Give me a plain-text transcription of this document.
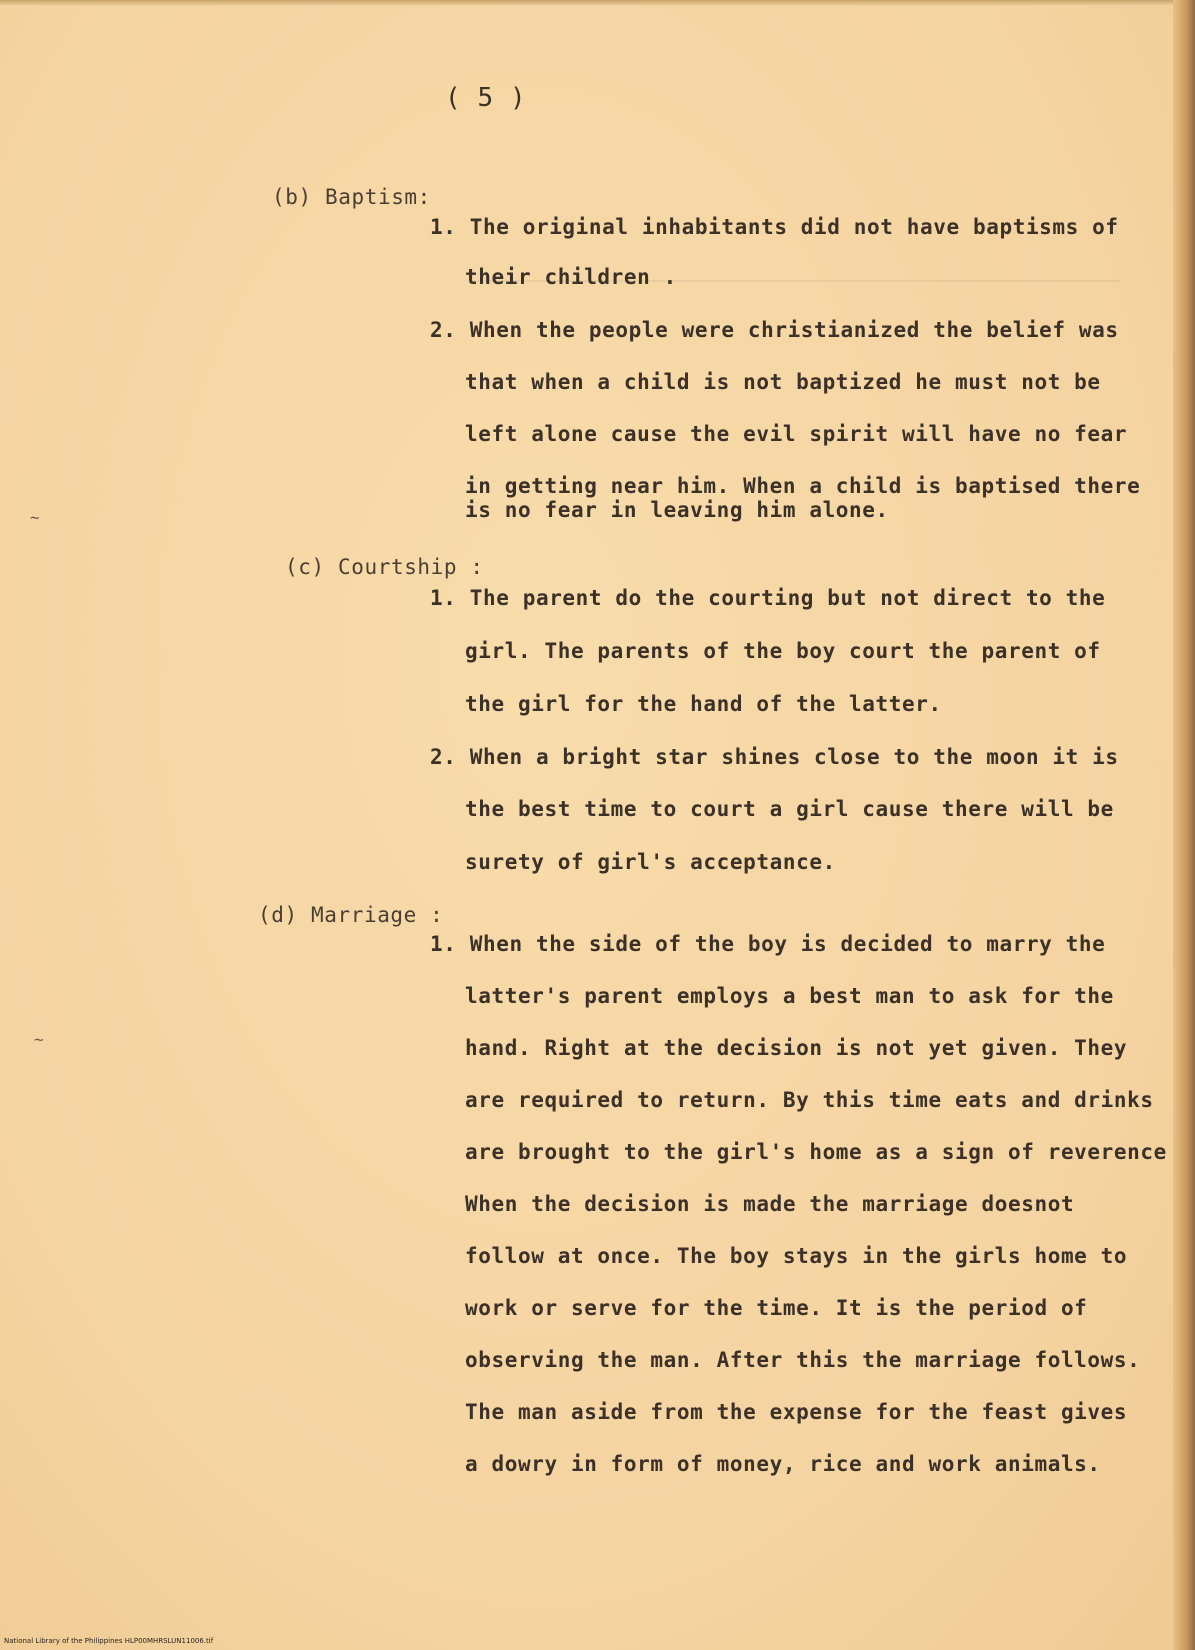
~
~
( 5 )
(b) Baptism:
1. The original inhabitants did not have baptisms of
their children .
2. When the people were christianized the belief was
that when a child is not baptized he must not be
left alone cause the evil spirit will have no fear
in getting near him. When a child is baptised there
is no fear in leaving him alone.
(c) Courtship :
1. The parent do the courting but not direct to the
girl. The parents of the boy court the parent of
the girl for the hand of the latter.
2. When a bright star shines close to the moon it is
the best time to court a girl cause there will be
surety of girl's acceptance.
(d) Marriage :
1. When the side of the boy is decided to marry the
latter's parent employs a best man to ask for the
hand. Right at the decision is not yet given. They
are required to return. By this time eats and drinks
are brought to the girl's home as a sign of reverence
When the decision is made the marriage doesnot
follow at once. The boy stays in the girls home to
work or serve for the time. It is the period of
observing the man. After this the marriage follows.
The man aside from the expense for the feast gives
a dowry in form of money, rice and work animals.
National Library of the Philippines HLP00MHRSLUN11006.tif
